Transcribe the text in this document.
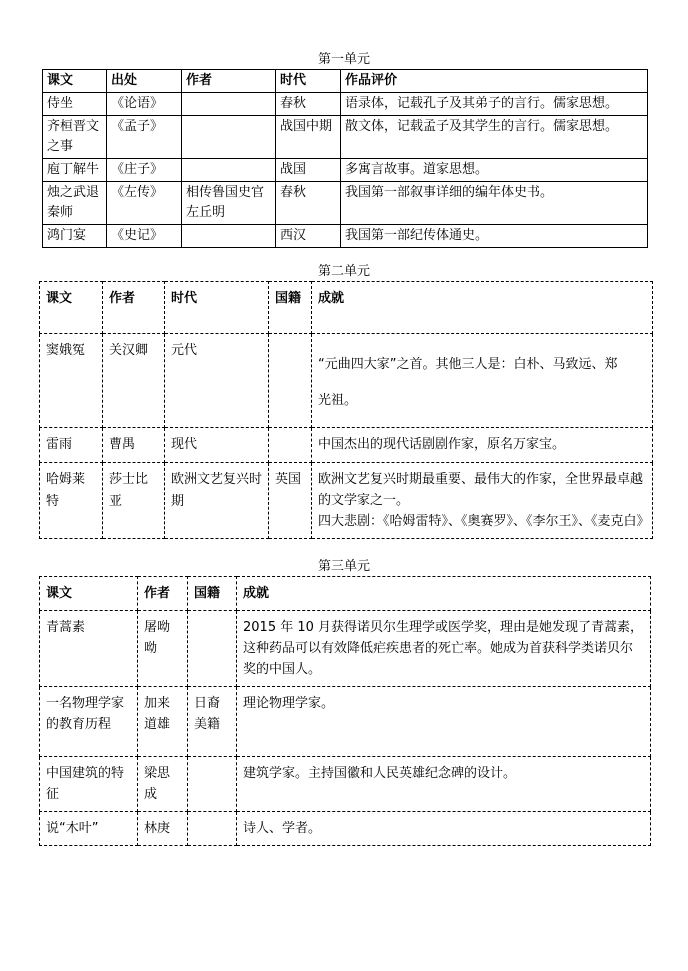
第一单元
课文	出处	作者	时代	作品评价
侍坐	《论语》		春秋	语录体，记载孔子及其弟子的言行。儒家思想。
齐桓晋文之事	《孟子》		战国中期	散文体，记载孟子及其学生的言行。儒家思想。
庖丁解牛	《庄子》		战国	多寓言故事。道家思想。
烛之武退秦师	《左传》	相传鲁国史官左丘明	春秋	我国第一部叙事详细的编年体史书。
鸿门宴	《史记》		西汉	我国第一部纪传体通史。
第二单元
课文	作者	时代	国籍	成就
窦娥冤	关汉卿	元代		“元曲四大家”之首。其他三人是：白朴、马致远、郑
光祖。

雷雨	曹禺	现代		中国杰出的现代话剧剧作家，原名万家宝。
哈姆莱特	莎士比亚	欧洲文艺复兴时期	英国	欧洲文艺复兴时期最重要、最伟大的作家，全世界最卓越的文学家之一。
四大悲剧：《哈姆雷特》、《奥赛罗》、《李尔王》、《麦克白》
第三单元
课文	作者	国籍	成就
青蒿素	屠呦呦		2015 年 10 月获得诺贝尔生理学或医学奖，理由是她发现了青蒿素，这种药品可以有效降低疟疾患者的死亡率。她成为首获科学类诺贝尔奖的中国人。
一名物理学家的教育历程	加来道雄	日裔美籍	理论物理学家。
中国建筑的特征	梁思成		建筑学家。主持国徽和人民英雄纪念碑的设计。
说“木叶”	林庚		诗人、学者。
